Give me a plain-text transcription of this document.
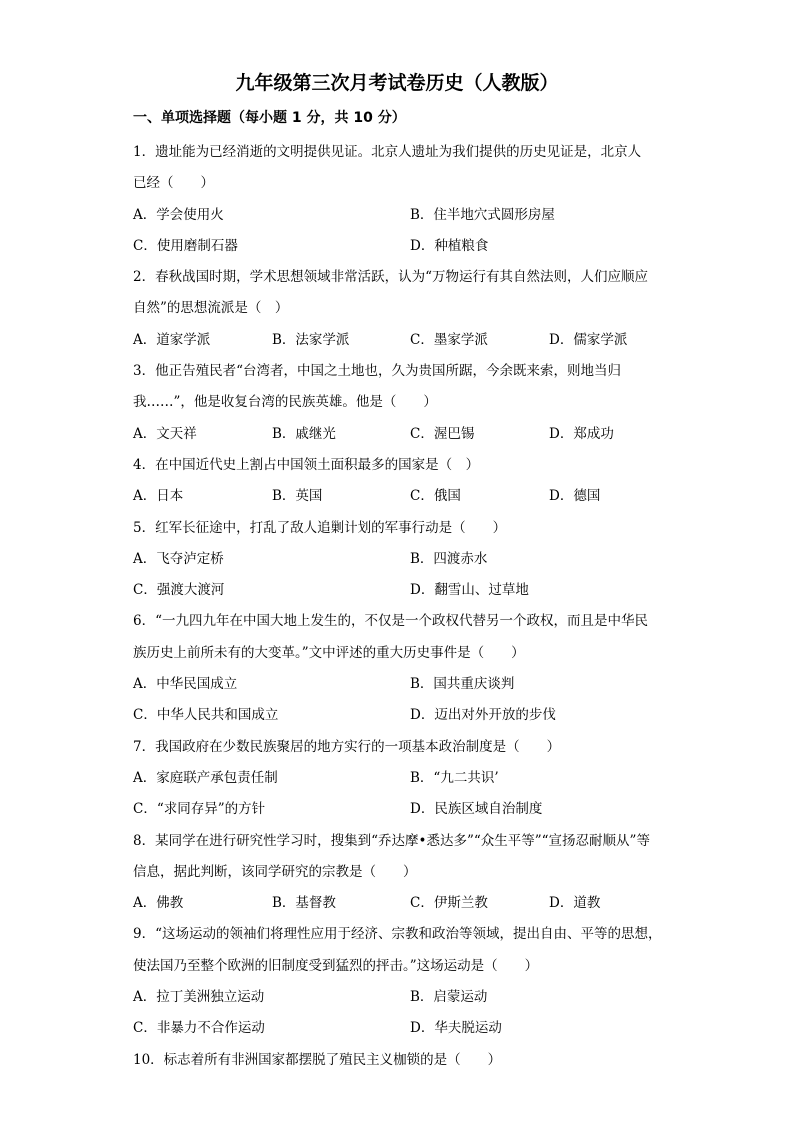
九年级第三次月考试卷历史（人教版）
一、单项选择题（每小题 1 分，共 10 分）
1．遗址能为已经消逝的文明提供见证。北京人遗址为我们提供的历史见证是，北京人
已经（　　）
A．学会使用火	B．住半地穴式圆形房屋
C．使用磨制石器	D．种植粮食
2．春秋战国时期，学术思想领域非常活跃，认为“万物运行有其自然法则，人们应顺应
自然”的思想流派是（　）
A．道家学派	B．法家学派	C．墨家学派	D．儒家学派
3．他正告殖民者“台湾者，中国之土地也，久为贵国所踞，今余既来索，则地当归
我……”，他是收复台湾的民族英雄。他是（　　）
A．文天祥	B．戚继光	C．渥巴锡	D．郑成功
4．在中国近代史上割占中国领土面积最多的国家是（　）
A．日本	B．英国	C．俄国	D．德国
5．红军长征途中，打乱了敌人追剿计划的军事行动是（　　）
A．飞夺泸定桥	B．四渡赤水
C．强渡大渡河	D．翻雪山、过草地
6．“一九四九年在中国大地上发生的，不仅是一个政权代替另一个政权，而且是中华民
族历史上前所未有的大变革。”文中评述的重大历史事件是（　　）
A．中华民国成立	B．国共重庆谈判
C．中华人民共和国成立	D．迈出对外开放的步伐
7．我国政府在少数民族聚居的地方实行的一项基本政治制度是（　　）
A．家庭联产承包责任制	B．“九二共识’
C．“求同存异”的方针	D．民族区域自治制度
8．某同学在进行研究性学习时，搜集到“乔达摩•悉达多”“众生平等”“宣扬忍耐顺从”等
信息，据此判断，该同学研究的宗教是（　　）
A．佛教	B．基督教	C．伊斯兰教	D．道教
9．“这场运动的领袖们将理性应用于经济、宗教和政治等领域，提出自由、平等的思想，
使法国乃至整个欧洲的旧制度受到猛烈的抨击。”这场运动是（　　）
A．拉丁美洲独立运动	B．启蒙运动
C．非暴力不合作运动	D．华夫脱运动
10．标志着所有非洲国家都摆脱了殖民主义枷锁的是（　　）
